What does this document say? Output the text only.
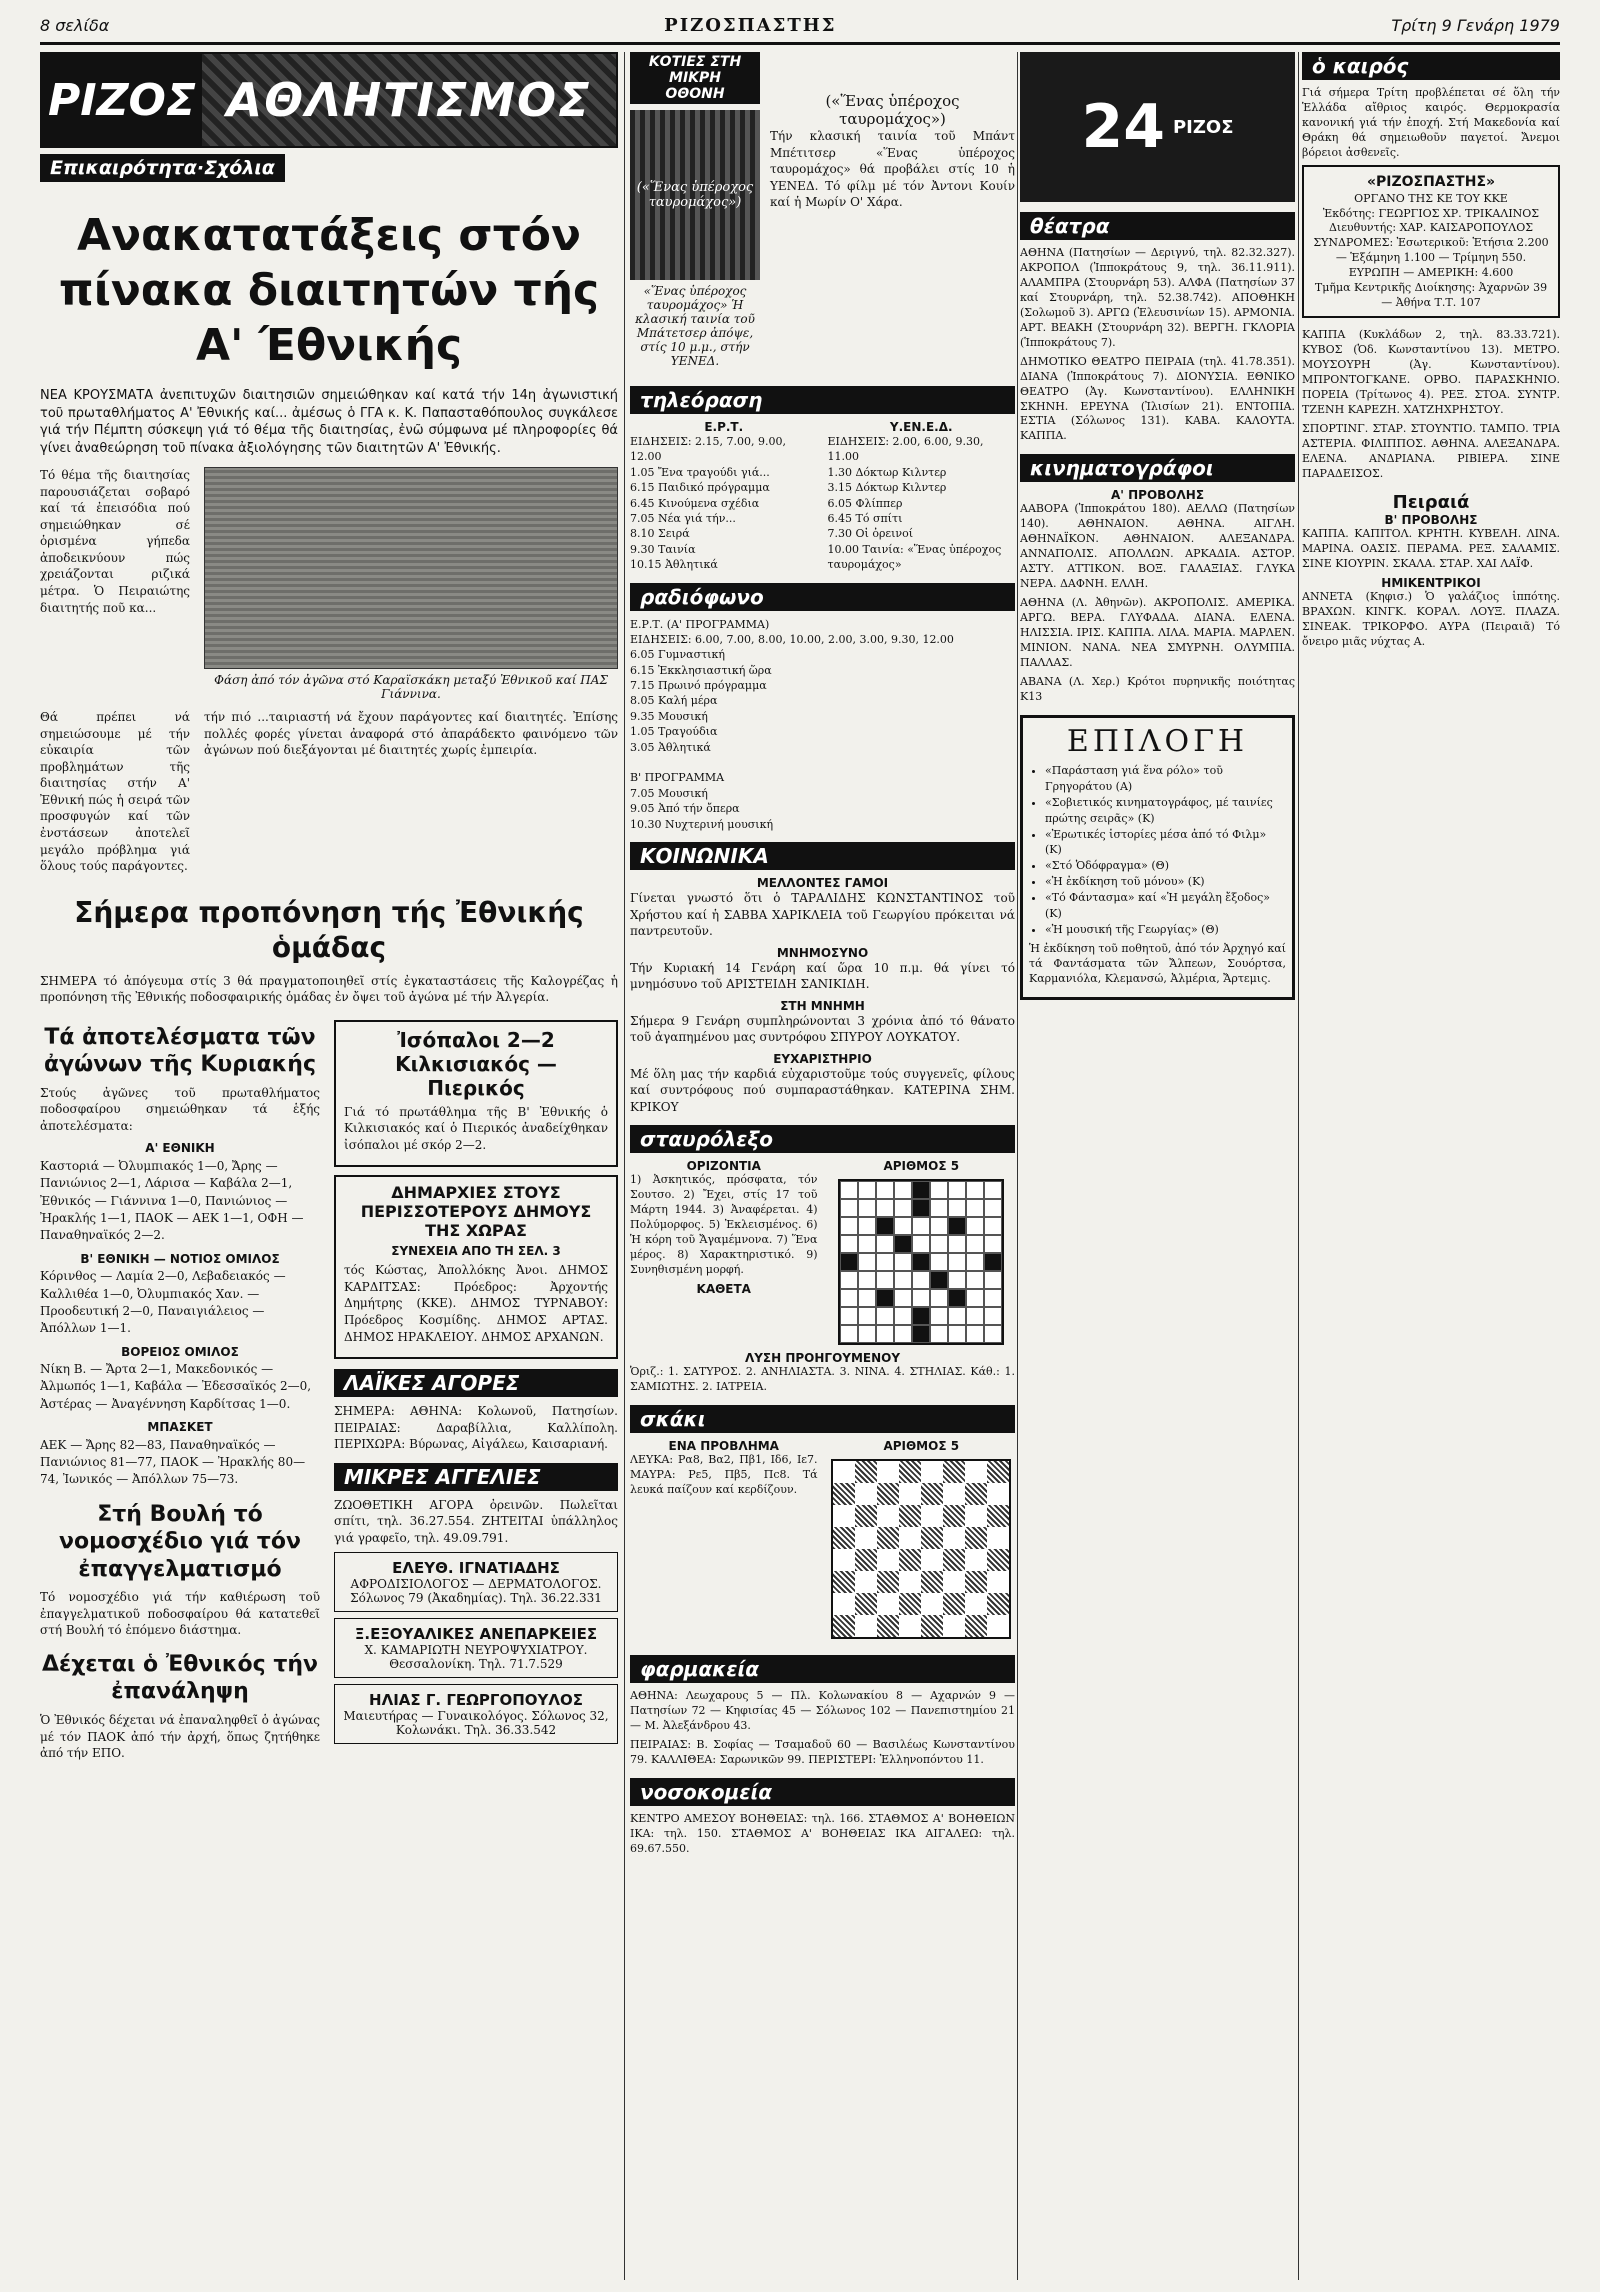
8 σελίδα	ΡΙΖΟΣΠΑΣΤΗΣ	Τρίτη 9 Γενάρη 1979
ΡΙΖΟΣ ΑΘΛΗΤΙΣΜΟΣ
Επικαιρότητα·Σχόλια
Ανακατατάξεις στόν πίνακα διαιτητών τής Α' Έθνικής

ΝΕΑ ΚΡΟΥΣΜΑΤΑ ἀνεπιτυχῶν διαιτησιῶν σημειώθηκαν καί κατά τήν 14η ἀγωνιστική τοῦ πρωταθλήματος Α' Ἐθνικής καί... ἀμέσως ὁ ΓΓΑ κ. Κ. Παπασταθόπουλος συγκάλεσε γιά τήν Πέμπτη σύσκεψη γιά τό θέμα τῆς διαιτησίας, ἐνῶ σύμφωνα μέ πληροφορίες θά γίνει ἀναθεώρηση τοῦ πίνακα ἀξιολόγησης τῶν διαιτητῶν Α' Ἐθνικής.

Τό θέμα τῆς διαιτησίας παρουσιάζεται σοβαρό καί τά ἐπεισόδια πού σημειώθηκαν σέ ὁρισμένα γήπεδα ἀποδεικνύουν πώς χρειάζονται ριζικά μέτρα. Ὁ Πειραιώτης διαιτητής ποῦ κα...

Φάση ἀπό τόν ἀγῶνα στό Καραϊσκάκη μεταξύ Ἐθνικοῦ καί ΠΑΣ Γιάννινα.

Θά πρέπει νά σημειώσουμε μέ τήν εὐκαιρία τῶν προβλημάτων τῆς διαιτησίας στήν Α' Ἐθνική πώς ἡ σειρά τῶν προσφυγών καί τῶν ἐνστάσεων ἀποτελεῖ μεγάλο πρόβλημα γιά ὅλους τούς παράγοντες.

τήν πιό ...ταιριαστή νά ἔχουν παράγοντες καί διαιτητές. Ἐπίσης πολλές φορές γίνεται ἀναφορά στό ἀπαράδεκτο φαινόμενο τῶν ἀγώνων πού διεξάγονται μέ διαιτητές χωρίς ἐμπειρία.

Σήμερα προπόνηση τής Ἐθνικής ὁμάδας

ΣΗΜΕΡΑ τό ἀπόγευμα στίς 3 θά πραγματοποιηθεῖ στίς ἐγκαταστάσεις τῆς Καλογρέζας ἡ προπόνηση τῆς Ἐθνικής ποδοσφαιρικής ὁμάδας ἐν ὄψει τοῦ ἀγώνα μέ τήν Ἀλγερία.

Τά ἀποτελέσματα τῶν ἀγώνων τῆς Κυριακής

Στούς ἀγῶνες τοῦ πρωταθλήματος ποδοσφαίρου σημειώθηκαν τά ἑξής ἀποτελέσματα:

Α' ΕΘΝΙΚΗ
Καστοριά — Ὀλυμπιακός 1—0, Ἄρης — Πανιώνιος 2—1, Λάρισα — Καβάλα 2—1, Ἐθνικός — Γιάννινα 1—0, Πανιώνιος — Ἠρακλής 1—1, ΠΑΟΚ — ΑΕΚ 1—1, ΟΦΗ — Παναθηναϊκός 2—2.
Β' ΕΘΝΙΚΗ — ΝΟΤΙΟΣ ΟΜΙΛΟΣ
Κόρινθος — Λαμία 2—0, Λεβαδειακός — Καλλιθέα 1—0, Ὀλυμπιακός Χαν. — Προοδευτική 2—0, Παναιγιάλειος — Ἀπόλλων 1—1.
ΒΟΡΕΙΟΣ ΟΜΙΛΟΣ
Νίκη Β. — Ἄρτα 2—1, Μακεδονικός — Ἀλμωπός 1—1, Καβάλα — Ἐδεσσαϊκός 2—0, Ἀστέρας — Ἀναγέννηση Καρδίτσας 1—0.
ΜΠΑΣΚΕΤ
ΑΕΚ — Ἄρης 82—83, Παναθηναϊκός — Πανιώνιος 81—77, ΠΑΟΚ — Ἠρακλής 80—74, Ἰωνικός — Ἀπόλλων 75—73.
Στή Βουλή τό νομοσχέδιο γιά τόν ἐπαγγελματισμό

Τό νομοσχέδιο γιά τήν καθιέρωση τοῦ ἐπαγγελματικοῦ ποδοσφαίρου θά κατατεθεῖ στή Βουλή τό ἐπόμενο διάστημα.

Δέχεται ὁ Ἐθνικός τήν ἐπανάληψη

Ὁ Ἐθνικός δέχεται νά ἐπαναληφθεῖ ὁ ἀγώνας μέ τόν ΠΑΟΚ ἀπό τήν ἀρχή, ὅπως ζητήθηκε ἀπό τήν ΕΠΟ.

Ἰσόπαλοι 2—2 Κιλκισιακός — Πιερικός

Γιά τό πρωτάθλημα τῆς Β' Ἐθνικής ὁ Κιλκισιακός καί ὁ Πιερικός ἀναδείχθηκαν ἰσόπαλοι μέ σκόρ 2—2.

ΔΗΜΑΡΧΙΕΣ ΣΤΟΥΣ ΠΕΡΙΣΣΟΤΕΡΟΥΣ ΔΗΜΟΥΣ ΤΗΣ ΧΩΡΑΣ
ΣΥΝΕΧΕΙΑ ΑΠΟ ΤΗ ΣΕΛ. 3

τός Κώστας, Ἀπολλόκης Ἀνοι. ΔΗΜΟΣ ΚΑΡΔΙΤΣΑΣ: Πρόεδρος: Ἀρχοντής Δημήτρης (ΚΚΕ). ΔΗΜΟΣ ΤΥΡΝΑΒΟΥ: Πρόεδρος Κοσμίδης. ΔΗΜΟΣ ΑΡΤΑΣ. ΔΗΜΟΣ ΗΡΑΚΛΕΙΟΥ. ΔΗΜΟΣ ΑΡΧΑΝΩΝ.

ΛΑΪΚΕΣ ΑΓΟΡΕΣ

ΣΗΜΕΡΑ: ΑΘΗΝΑ: Κολωνοῦ, Πατησίων. ΠΕΙΡΑΙΑΣ: Δαραβίλλια, Καλλίπολη. ΠΕΡΙΧΩΡΑ: Βύρωνας, Αἰγάλεω, Καισαριανή.

ΜΙΚΡΕΣ ΑΓΓΕΛΙΕΣ

ΖΩΟΘΕΤΙΚΗ ΑΓΟΡΑ ὀρεινῶν. Πωλεῖται σπίτι, τηλ. 36.27.554. ΖΗΤΕΙΤΑΙ ὑπάλληλος γιά γραφεῖο, τηλ. 49.09.791.

ΕΛΕΥΘ. ΙΓΝΑΤΙΑΔΗΣ
ΑΦΡΟΔΙΣΙΟΛΟΓΟΣ — ΔΕΡΜΑΤΟΛΟΓΟΣ. Σόλωνος 79 (Ἀκαδημίας). Τηλ. 36.22.331
Ξ.ΕΞΟΥΑΛΙΚΕΣ ΑΝΕΠΑΡΚΕΙΕΣ
Χ. ΚΑΜΑΡΙΩΤΗ ΝΕΥΡΟΨΥΧΙΑΤΡΟΥ. Θεσσαλονίκη. Τηλ. 71.7.529
ΗΛΙΑΣ Γ. ΓΕΩΡΓΟΠΟΥΛΟΣ
Μαιευτήρας — Γυναικολόγος. Σόλωνος 32, Κολωνάκι. Τηλ. 36.33.542
ΚΟΤΙΕΣ ΣΤΗ ΜΙΚΡΗ ΟΘΟΝΗ
(«Ἕνας ὑπέροχος ταυρομάχος»)
«Ἕνας ὑπέροχος ταυρομάχος» Ἡ κλασική ταινία τοῦ Μπάτετσερ ἀπόψε, στίς 10 μ.μ., στήν ΥΕΝΕΔ.
(«Ἕνας ὑπέροχος ταυρομάχος»)

Τήν κλασική ταινία τοῦ Μπάντ Μπέτιτσερ «Ἕνας ὑπέροχος ταυρομάχος» θά προβάλει στίς 10 ἡ ΥΕΝΕΔ. Τό φίλμ μέ τόν Ἀντονι Κουίν καί ἡ Μωρίν Ο' Χάρα.

τηλεόραση
Ε.Ρ.Τ.

ΕΙΔΗΣΕΙΣ: 2.15, 7.00, 9.00, 12.00
1.05 Ἔνα τραγούδι γιά...
6.15 Παιδικό πρόγραμμα
6.45 Κινούμενα σχέδια
7.05 Νέα γιά τήν...
8.10 Σειρά
9.30 Ταινία
10.15 Ἀθλητικά

Υ.ΕΝ.Ε.Δ.

ΕΙΔΗΣΕΙΣ: 2.00, 6.00, 9.30, 11.00
1.30 Δόκτωρ Κιλντερ
3.15 Δόκτωρ Κιλντερ
6.05 Φλίππερ
6.45 Τό σπίτι
7.30 Οἱ ὀρεινοί
10.00 Ταινία: «Ἕνας ὑπέροχος ταυρομάχος»

ραδιόφωνο

Ε.Ρ.Τ. (Α' ΠΡΟΓΡΑΜΜΑ)
ΕΙΔΗΣΕΙΣ: 6.00, 7.00, 8.00, 10.00, 2.00, 3.00, 9.30, 12.00
6.05 Γυμναστική
6.15 Ἐκκλησιαστική ὥρα
7.15 Πρωινό πρόγραμμα
8.05 Καλή μέρα
9.35 Μουσική
1.05 Τραγούδια
3.05 Ἀθλητικά

Β' ΠΡΟΓΡΑΜΜΑ
7.05 Μουσική
9.05 Ἀπό τήν ὄπερα
10.30 Νυχτερινή μουσική

ΚΟΙΝΩΝΙΚΑ
ΜΕΛΛΟΝΤΕΣ ΓΑΜΟΙ

Γίνεται γνωστό ὅτι ὁ ΤΑΡΑΛΙΔΗΣ ΚΩΝΣΤΑΝΤΙΝΟΣ τοῦ Χρήστου καί ἡ ΣΑΒΒΑ ΧΑΡΙΚΛΕΙΑ τοῦ Γεωργίου πρόκειται νά παντρευτοῦν.

ΜΝΗΜΟΣΥΝΟ

Τήν Κυριακή 14 Γενάρη καί ὥρα 10 π.μ. θά γίνει τό μνημόσυνο τοῦ ΑΡΙΣΤΕΙΔΗ ΣΑΝΙΚΙΔΗ.

ΣΤΗ ΜΝΗΜΗ

Σήμερα 9 Γενάρη συμπληρώνονται 3 χρόνια ἀπό τό θάνατο τοῦ ἀγαπημένου μας συντρόφου ΣΠΥΡΟΥ ΛΟΥΚΑΤΟΥ.

ΕΥΧΑΡΙΣΤΗΡΙΟ

Μέ ὅλη μας τήν καρδιά εὐχαριστοῦμε τούς συγγενεῖς, φίλους καί συντρόφους πού συμπαραστάθηκαν. ΚΑΤΕΡΙΝΑ ΣΗΜ. ΚΡΙΚΟΥ

σταυρόλεξο
ΟΡΙΖΟΝΤΙΑ

1) Ἀσκητικός, πρόσφατα, τόν Σουτσο. 2) Ἔχει, στίς 17 τοῦ Μάρτη 1944. 3) Ἀναφέρεται. 4) Πολύμορφος. 5) Ἐκλεισμένος. 6) Ἡ κόρη τοῦ Ἄγαμέμνονα. 7) Ἕνα μέρος. 8) Χαρακτηριστικό. 9) Συνηθισμένη μορφή.

ΚΑΘΕΤΑ
ΑΡΙΘΜΟΣ 5
ΛΥΣΗ ΠΡΟΗΓΟΥΜΕΝΟΥ

Ὁριζ.: 1. ΣΑΤΥΡΟΣ. 2. ΑΝΗΛΙΑΣΤΑ. 3. ΝΙΝΑ. 4. ΣΤΗΛΙΑΣ. Κάθ.: 1. ΣΑΜΙΩΤΗΣ. 2. ΙΑΤΡΕΙΑ.

σκάκι
ΕΝΑ ΠΡΟΒΛΗΜΑ

ΛΕΥΚΑ: Ρα8, Βα2, Πβ1, Ιδ6, Ιε7. ΜΑΥΡΑ: Ρε5, Πβ5, Πc8. Τά λευκά παίζουν καί κερδίζουν.

ΑΡΙΘΜΟΣ 5
φαρμακεία

ΑΘΗΝΑ: Λεωχαρους 5 — Πλ. Κολωνακίου 8 — Αχαρνών 9 — Πατησίων 72 — Κηφισίας 45 — Σόλωνος 102 — Πανεπιστημίου 21 — Μ. Ἀλεξάνδρου 43.

ΠΕΙΡΑΙΑΣ: Β. Σοφίας — Τσαμαδοῦ 60 — Βασιλέως Κωνσταντίνου 79. ΚΑΛΛΙΘΕΑ: Σαρωνικῶν 99. ΠΕΡΙΣΤΕΡΙ: Ἐλληνοπόντου 11.

νοσοκομεία

ΚΕΝΤΡΟ ΑΜΕΣΟΥ ΒΟΗΘΕΙΑΣ: τηλ. 166. ΣΤΑΘΜΟΣ Α' ΒΟΗΘΕΙΩΝ ΙΚΑ: τηλ. 150. ΣΤΑΘΜΟΣ Α' ΒΟΗΘΕΙΑΣ ΙΚΑ ΑΙΓΑΛΕΩ: τηλ. 69.67.550.

24 ΡΙΖΟΣ
θέατρα

ΑΘΗΝΑ (Πατησίων — Δεριγνύ, τηλ. 82.32.327). ΑΚΡΟΠΟΛ (Ἱπποκράτους 9, τηλ. 36.11.911). ΑΛΑΜΠΡΑ (Στουρνάρη 53). ΑΛΦΑ (Πατησίων 37 καί Στουρνάρη, τηλ. 52.38.742). ΑΠΟΘΗΚΗ (Σολωμοῦ 3). ΑΡΓΩ (Ἐλευσινίων 15). ΑΡΜΟΝΙΑ. ΑΡΤ. ΒΕΑΚΗ (Στουρνάρη 32). ΒΕΡΓΗ. ΓΚΛΟΡΙΑ (Ἱπποκράτους 7).

ΔΗΜΟΤΙΚΟ ΘΕΑΤΡΟ ΠΕΙΡΑΙΑ (τηλ. 41.78.351). ΔΙΑΝΑ (Ἱπποκράτους 7). ΔΙΟΝΥΣΙΑ. ΕΘΝΙΚΟ ΘΕΑΤΡΟ (Ἀγ. Κωνσταντίνου). ΕΛΛΗΝΙΚΗ ΣΚΗΝΗ. ΕΡΕΥΝΑ (Ἰλισίων 21). ΕΝΤΟΠΙΑ. ΕΣΤΙΑ (Σόλωνος 131). ΚΑΒΑ. ΚΑΛΟΥΤΑ. ΚΑΠΠΑ.

κινηματογράφοι
Α' ΠΡΟΒΟΛΗΣ

ΑΑΒΟΡΑ (Ἱπποκράτου 180). ΑΕΛΛΩ (Πατησίων 140). ΑΘΗΝΑΙΟΝ. ΑΘΗΝΑ. ΑΙΓΛΗ. ΑΘΗΝΑΪΚΟΝ. ΑΘΗΝΑΙΟΝ. ΑΛΕΞΑΝΔΡΑ. ΑΝΝΑΠΟΛΙΣ. ΑΠΟΛΛΩΝ. ΑΡΚΑΔΙΑ. ΑΣΤΟΡ. ΑΣΤΥ. ΑΤΤΙΚΟΝ. ΒΟΞ. ΓΑΛΑΞΙΑΣ. ΓΛΥΚΑ ΝΕΡΑ. ΔΑΦΝΗ. ΕΛΛΗ.

ΑΘΗΝΑ (Λ. Ἀθηνῶν). ΑΚΡΟΠΟΛΙΣ. ΑΜΕΡΙΚΑ. ΑΡΓΩ. ΒΕΡΑ. ΓΛΥΦΑΔΑ. ΔΙΑΝΑ. ΕΛΕΝΑ. ΗΛΙΣΣΙΑ. ΙΡΙΣ. ΚΑΠΠΑ. ΛΙΛΑ. ΜΑΡΙΑ. ΜΑΡΛΕΝ. ΜΙΝΙΟΝ. ΝΑΝΑ. ΝΕΑ ΣΜΥΡΝΗ. ΟΛΥΜΠΙΑ. ΠΑΛΛΑΣ.

ΑΒΑΝΑ (Λ. Χερ.) Κρότοι πυρηνικῆς ποιότητας Κ13

ΕΠΙΛΟΓΗ
• «Παράσταση γιά ἕνα ρόλο» τοῦ Γρηγοράτου (Α)
• «Σοβιετικός κινηματογράφος, μέ ταινίες πρώτης σειρᾶς» (Κ)
• «Ἐρωτικές ἱστορίες μέσα ἀπό τό Φιλμ» (Κ)
• «Στό Ὁδόφραγμα» (Θ)
• «Ἡ ἐκδίκηση τοῦ μόνου» (Κ)
• «Τό Φάντασμα» καί «Ἡ μεγάλη ἔξοδος» (Κ)
• «Ἡ μουσική τῆς Γεωργίας» (Θ)

Ἡ ἐκδίκηση τοῦ ποθητοῦ, ἀπό τόν Ἀρχηγό καί τά Φαντάσματα τῶν Ἄλπεων, Σουόρτσα, Καρμανιόλα, Κλεμανσώ, Ἀλμέρια, Ἄρτεμις.

ὁ καιρός

Γιά σήμερα Τρίτη προβλέπεται σέ ὅλη τήν Ἑλλάδα αἴθριος καιρός. Θερμοκρασία κανονική γιά τήν ἐποχή. Στή Μακεδονία καί Θράκη θά σημειωθοῦν παγετοί. Ἄνεμοι βόρειοι ἀσθενεῖς.

«ΡΙΖΟΣΠΑΣΤΗΣ»
ΟΡΓΑΝΟ ΤΗΣ ΚΕ ΤΟΥ ΚΚΕ
Ἐκδότης: ΓΕΩΡΓΙΟΣ ΧΡ. ΤΡΙΚΑΛΙΝΟΣ
Διευθυντής: ΧΑΡ. ΚΑΙΣΑΡΟΠΟΥΛΟΣ
ΣΥΝΔΡΟΜΕΣ: Ἐσωτερικοῦ: Ἑτήσια 2.200 — Ἑξάμηνη 1.100 — Τρίμηνη 550. ΕΥΡΩΠΗ — ΑΜΕΡΙΚΗ: 4.600
Τμῆμα Κεντρικῆς Διοίκησης: Ἀχαρνῶν 39 — Ἀθήνα Τ.Τ. 107

ΚΑΠΠΑ (Κυκλάδων 2, τηλ. 83.33.721). ΚΥΒΟΣ (Ὁδ. Κωνσταντίνου 13). ΜΕΤΡΟ. ΜΟΥΣΟΥΡΗ (Ἀγ. Κωνσταντίνου). ΜΠΡΟΝΤΟΓΚΑΝΕ. ΟΡΒΟ. ΠΑΡΑΣΚΗΝΙΟ. ΠΟΡΕΙΑ (Τρίτωνος 4). ΡΕΞ. ΣΤΟΑ. ΣΥΝΤΡ. ΤΖΕΝΗ ΚΑΡΕΖΗ. ΧΑΤΖΗΧΡΗΣΤΟΥ.

ΣΠΟΡΤΙΝΓ. ΣΤΑΡ. ΣΤΟΥΝΤΙΟ. ΤΑΜΠΟ. ΤΡΙΑ ΑΣΤΕΡΙΑ. ΦΙΛΙΠΠΟΣ. ΑΘΗΝΑ. ΑΛΕΞΑΝΔΡΑ. ΕΛΕΝΑ. ΑΝΔΡΙΑΝΑ. ΡΙΒΙΕΡΑ. ΣΙΝΕ ΠΑΡΑΔΕΙΣΟΣ.

Πειραιά
Β' ΠΡΟΒΟΛΗΣ

ΚΑΠΠΑ. ΚΑΠΙΤΟΛ. ΚΡΗΤΗ. ΚΥΒΕΛΗ. ΛΙΝΑ. ΜΑΡΙΝΑ. ΟΑΣΙΣ. ΠΕΡΑΜΑ. ΡΕΞ. ΣΑΛΑΜΙΣ. ΣΙΝΕ ΚΙΟΥΡΙΝ. ΣΚΑΛΑ. ΣΤΑΡ. ΧΑΙ ΛΑΪΦ.

ΗΜΙΚΕΝΤΡΙΚΟΙ

ΑΝΝΕΤΑ (Κηφισ.) Ὁ γαλάζιος ἱππότης. ΒΡΑΧΩΝ. ΚΙΝΓΚ. ΚΟΡΑΛ. ΛΟΥΞ. ΠΛΑΖΑ. ΣΙΝΕΑΚ. ΤΡΙΚΟΡΦΟ. ΑΥΡΑ (Πειραιᾶ) Τό ὄνειρο μιᾶς νύχτας Α.
